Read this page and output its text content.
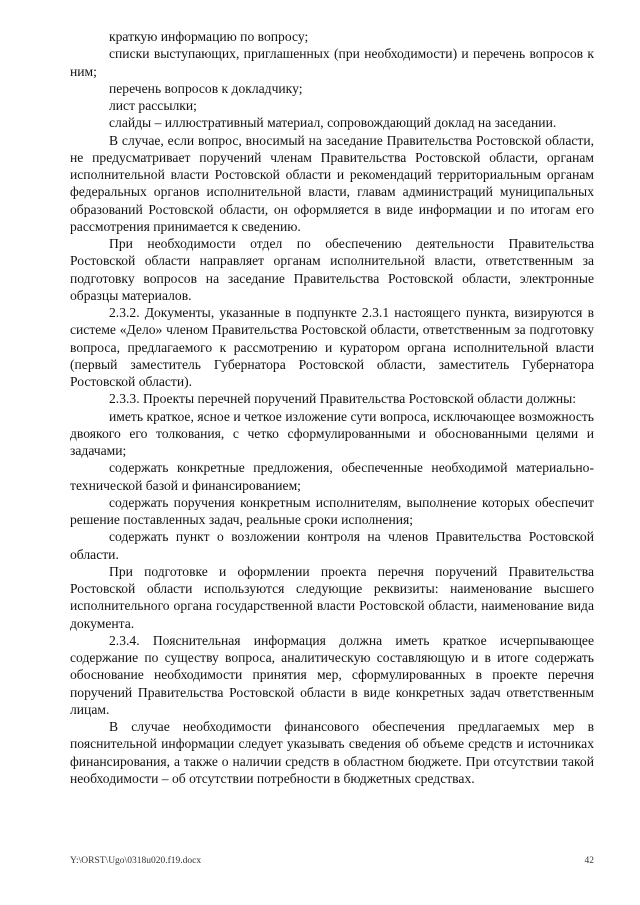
краткую информацию по вопросу;

списки выступающих, приглашенных (при необходимости) и перечень вопросов к ним;

перечень вопросов к докладчику;

лист рассылки;

слайды – иллюстративный материал, сопровождающий доклад на заседании.

В случае, если вопрос, вносимый на заседание Правительства Ростовской области, не предусматривает поручений членам Правительства Ростовской области, органам исполнительной власти Ростовской области и рекомендаций территориальным органам федеральных органов исполнительной власти, главам администраций муниципальных образований Ростовской области, он оформляется в виде информации и по итогам его рассмотрения принимается к сведению.

При необходимости отдел по обеспечению деятельности Правительства Ростовской области направляет органам исполнительной власти, ответственным за подготовку вопросов на заседание Правительства Ростовской области, электронные образцы материалов.

2.3.2. Документы, указанные в подпункте 2.3.1 настоящего пункта, визируются в системе «Дело» членом Правительства Ростовской области, ответственным за подготовку вопроса, предлагаемого к рассмотрению и куратором органа исполнительной власти (первый заместитель Губернатора Ростовской области, заместитель Губернатора Ростовской области).

2.3.3. Проекты перечней поручений Правительства Ростовской области должны:

иметь краткое, ясное и четкое изложение сути вопроса, исключающее возможность двоякого его толкования, с четко сформулированными и обоснованными целями и задачами;

содержать конкретные предложения, обеспеченные необходимой материально-технической базой и финансированием;

содержать поручения конкретным исполнителям, выполнение которых обеспечит решение поставленных задач, реальные сроки исполнения;

содержать пункт о возложении контроля на членов Правительства Ростовской области.

При подготовке и оформлении проекта перечня поручений Правительства Ростовской области используются следующие реквизиты: наименование высшего исполнительного органа государственной власти Ростовской области, наименование вида документа.

2.3.4. Пояснительная информация должна иметь краткое исчерпывающее содержание по существу вопроса, аналитическую составляющую и в итоге содержать обоснование необходимости принятия мер, сформулированных в проекте перечня поручений Правительства Ростовской области в виде конкретных задач ответственным лицам.

В случае необходимости финансового обеспечения предлагаемых мер в пояснительной информации следует указывать сведения об объеме средств и источниках финансирования, а также о наличии средств в областном бюджете. При отсутствии такой необходимости – об отсутствии потребности в бюджетных средствах.

Y:\ORST\Ugo\0318u020.f19.docx	42
